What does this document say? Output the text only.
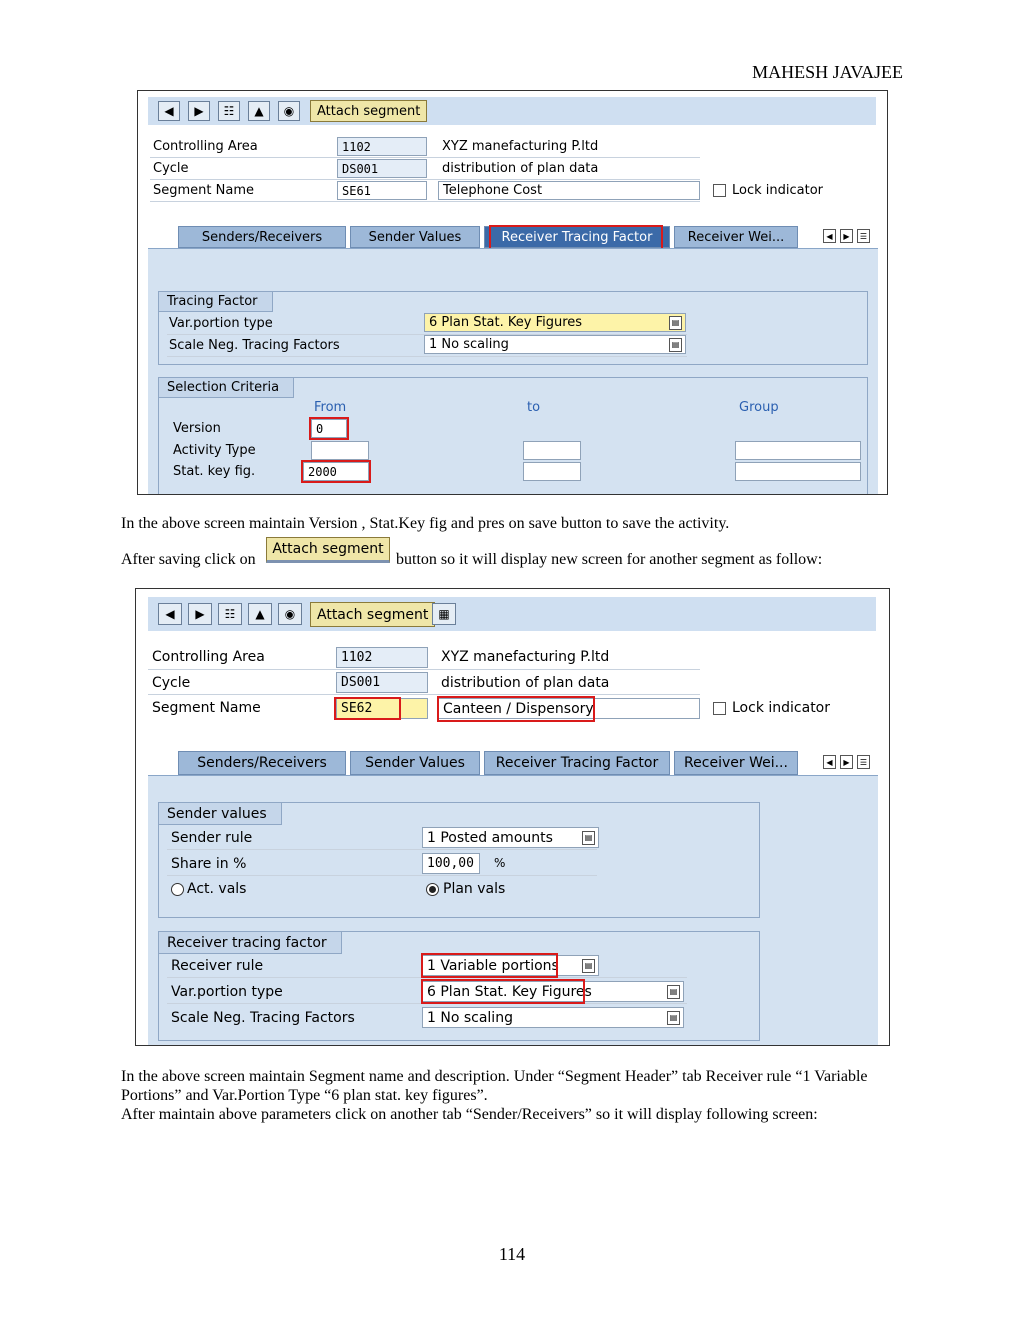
MAHESH JAVAJEE
◀	▶	☷	▲	◉	Attach segment
Controlling Area	1102	XYZ manefacturing P.ltd
Cycle	DS001	distribution of plan data
Segment Name	SE61	Telephone Cost	Lock indicator
Senders/Receivers	Sender Values	Receiver Tracing Factor	Receiver Wei...	◀	▶	☰
Tracing Factor
Var.portion type	6 Plan Stat. Key Figures	▤
Scale Neg. Tracing Factors	1 No scaling	▤
Selection Criteria
From	to	Group
Version	0
Activity Type
Stat. key fig.	2000
In the above screen maintain Version , Stat.Key fig and pres on save button to save the activity.
After saving click on
Attach segment
button so it will display new screen for another segment as follow:
◀	▶	☷	▲	◉	Attach segment ▦
Controlling Area	1102	XYZ manefacturing P.ltd
Cycle	DS001	distribution of plan data
Segment Name	SE62	Canteen / Dispensory	Lock indicator
Senders/Receivers	Sender Values	Receiver Tracing Factor	Receiver Wei...	◀	▶	☰
Sender values
Sender rule	1 Posted amounts	▤
Share in %	100,00	%
Act. vals	Plan vals
Receiver tracing factor
Receiver rule	1 Variable portions	▤
Var.portion type	6 Plan Stat. Key Figures	▤
Scale Neg. Tracing Factors	1 No scaling	▤
In the above screen maintain Segment name and description. Under “Segment Header” tab Receiver rule “1 Variable
Portions” and Var.Portion Type “6 plan stat. key figures”.
After maintain above parameters click on another tab “Sender/Receivers” so it will display following screen:
114
